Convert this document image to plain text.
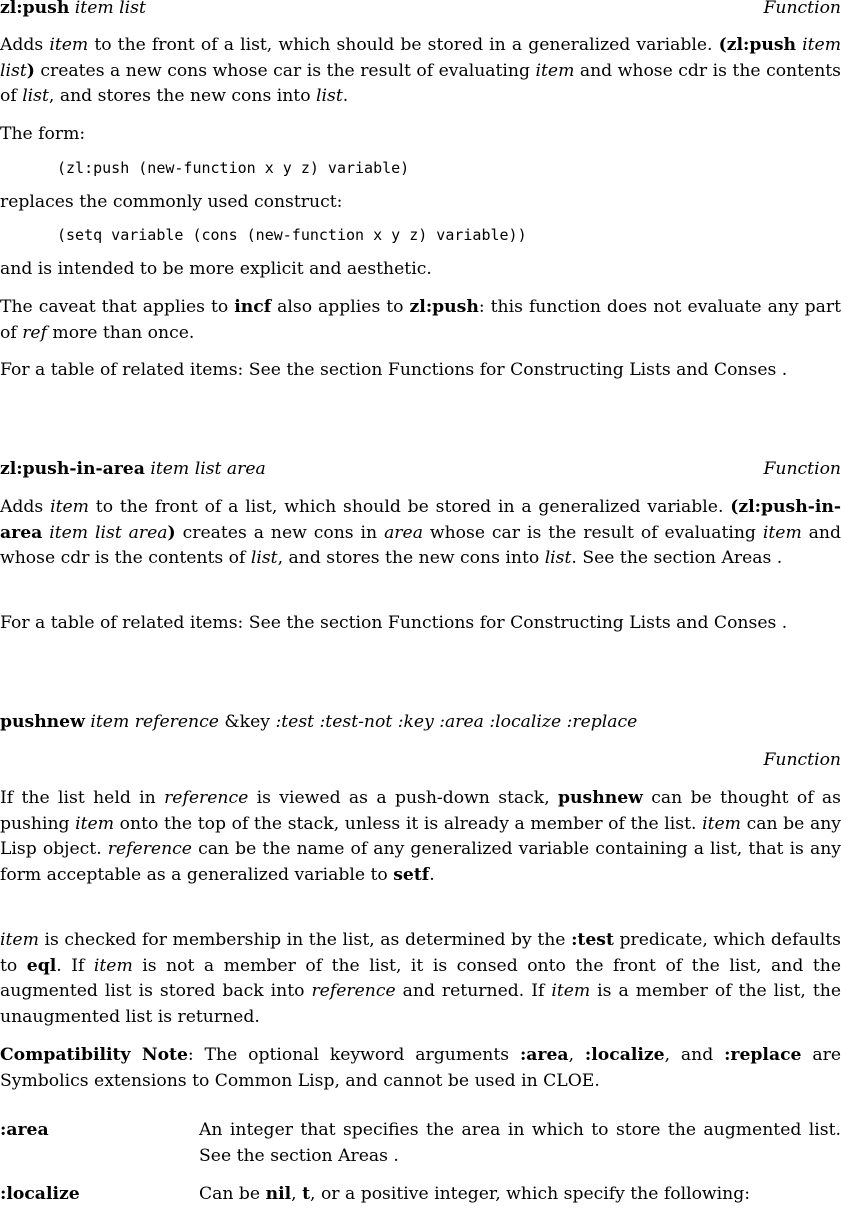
zl:push item list	Function

Adds item to the front of a list, which should be stored in a generalized variable. (zl:push item list) creates a new cons whose car is the result of evaluating item and whose cdr is the contents of list, and stores the new cons into list.

The form:

(zl:push (new-function x y z) variable)

replaces the commonly used construct:

(setq variable (cons (new-function x y z) variable))

and is intended to be more explicit and aesthetic.

The caveat that applies to incf also applies to zl:push: this function does not evaluate any part of ref more than once.

For a table of related items: See the section Functions for Constructing Lists and Conses .

zl:push-in-area item list area	Function

Adds item to the front of a list, which should be stored in a generalized variable. (zl:push-in-area item list area) creates a new cons in area whose car is the result of evaluating item and whose cdr is the contents of list, and stores the new cons into list. See the section Areas .

For a table of related items: See the section Functions for Constructing Lists and Conses .

pushnew item reference &key :test :test-not :key :area :localize :replace
Function

If the list held in reference is viewed as a push-down stack, pushnew can be thought of as pushing item onto the top of the stack, unless it is already a member of the list. item can be any Lisp object. reference can be the name of any generalized variable containing a list, that is any form acceptable as a generalized variable to setf.

item is checked for membership in the list, as determined by the :test predicate, which defaults to eql. If item is not a member of the list, it is consed onto the front of the list, and the augmented list is stored back into reference and returned. If item is a member of the list, the unaugmented list is returned.

Compatibility Note: The optional keyword arguments :area, :localize, and :replace are Symbolics extensions to Common Lisp, and cannot be used in CLOE.

:area	An integer that specifies the area in which to store the augmented list. See the section Areas .
:localize	Can be nil, t, or a positive integer, which specify the following:
